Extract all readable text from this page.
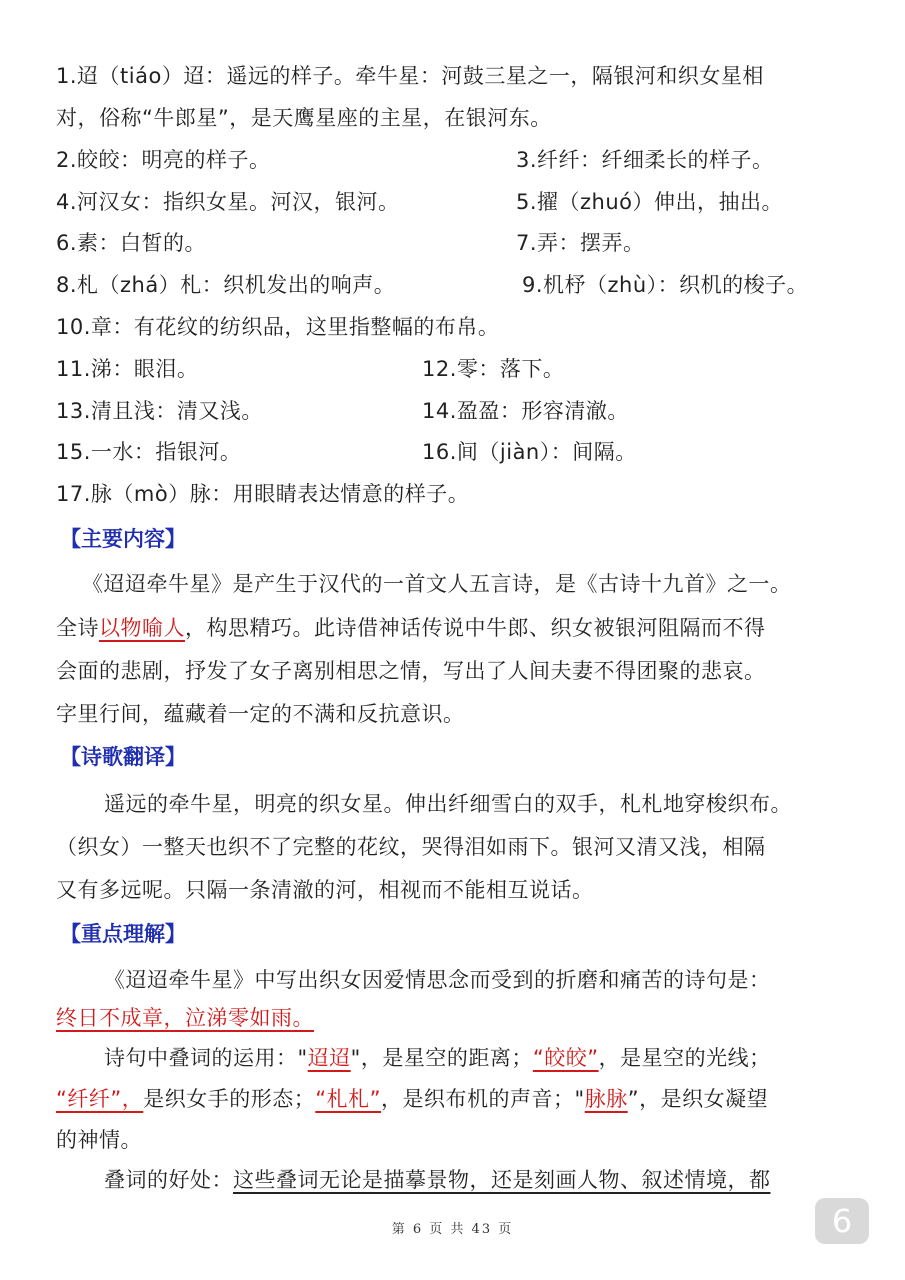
1.迢（tiáo）迢：遥远的样子。牵牛星：河鼓三星之一，隔银河和织女星相
对，俗称“牛郎星”，是天鹰星座的主星，在银河东。
2.皎皎：明亮的样子。	3.纤纤：纤细柔长的样子。
4.河汉女：指织女星。河汉，银河。	5.擢（zhuó）伸出，抽出。
6.素：白皙的。	7.弄：摆弄。
8.札（zhá）札：织机发出的响声。	9.机杼（zhù）：织机的梭子。
10.章：有花纹的纺织品，这里指整幅的布帛。
11.涕：眼泪。	12.零：落下。
13.清且浅：清又浅。	14.盈盈：形容清澈。
15.一水：指银河。	16.间（jiàn）：间隔。
17.脉（mò）脉：用眼睛表达情意的样子。
【主要内容】
《迢迢牵牛星》是产生于汉代的一首文人五言诗，是《古诗十九首》之一。
全诗以物喻人，构思精巧。此诗借神话传说中牛郎、织女被银河阻隔而不得
会面的悲剧，抒发了女子离别相思之情，写出了人间夫妻不得团聚的悲哀。
字里行间，蕴藏着一定的不满和反抗意识。
【诗歌翻译】
遥远的牵牛星，明亮的织女星。伸出纤细雪白的双手，札札地穿梭织布。
（织女）一整天也织不了完整的花纹，哭得泪如雨下。银河又清又浅，相隔
又有多远呢。只隔一条清澈的河，相视而不能相互说话。
【重点理解】
《迢迢牵牛星》中写出织女因爱情思念而受到的折磨和痛苦的诗句是：
终日不成章，泣涕零如雨。
诗句中叠词的运用："迢迢"，是星空的距离；“皎皎”，是星空的光线；
“纤纤”，是织女手的形态；“札札”，是织布机的声音；"脉脉”，是织女凝望
的神情。
叠词的好处：这些叠词无论是描摹景物，还是刻画人物、叙述情境，都
第 6 页 共 43 页	6
